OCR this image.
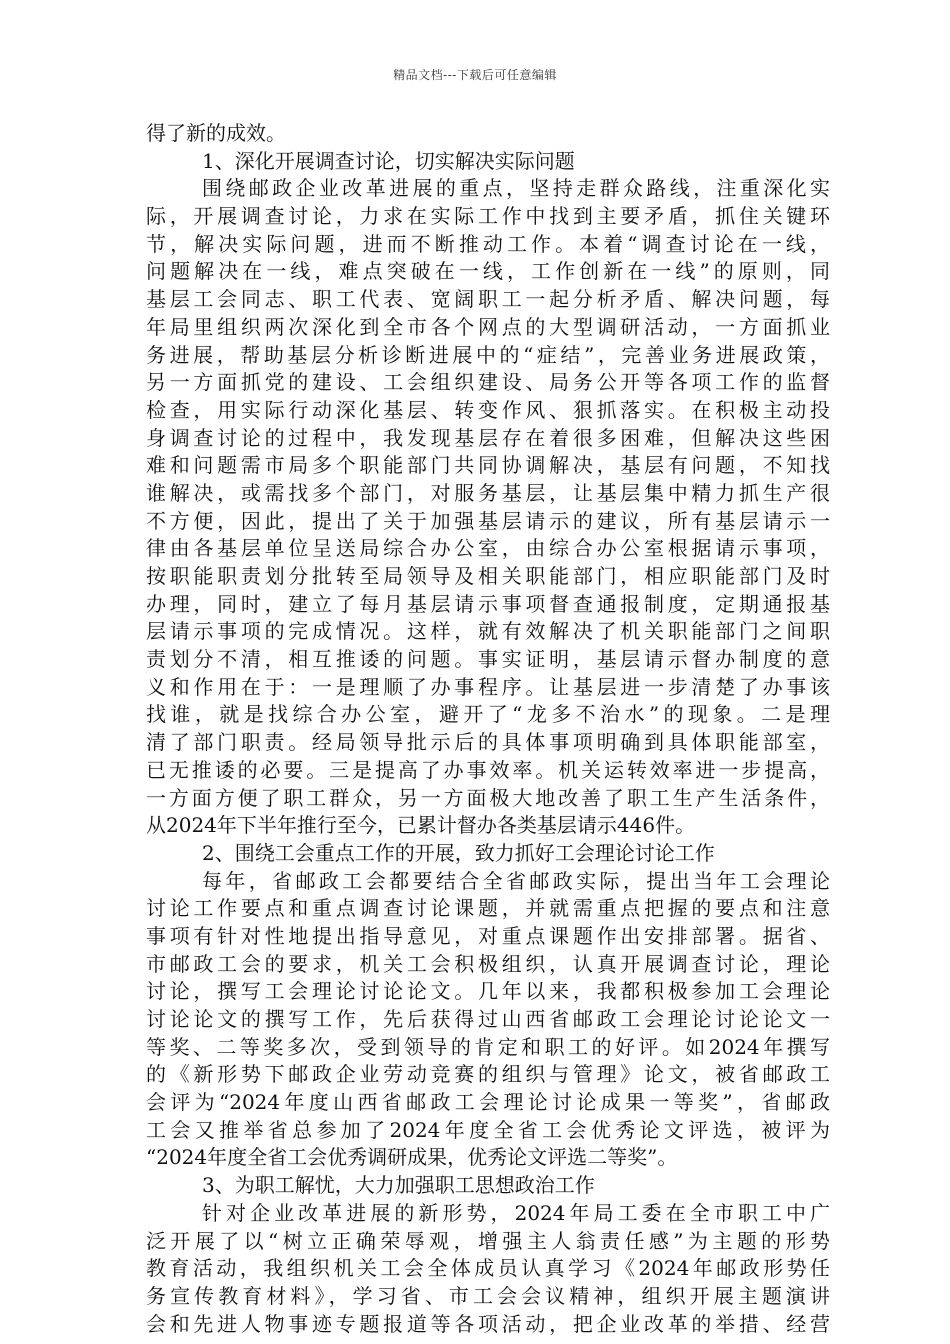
精品文档---下载后可任意编辑
得了新的成效。
1、深化开展调查讨论，切实解决实际问题
围绕邮政企业改革进展的重点，坚持走群众路线，注重深化实
际，开展调查讨论，力求在实际工作中找到主要矛盾，抓住关键环
节，解决实际问题，进而不断推动工作。本着“调查讨论在一线，
问题解决在一线，难点突破在一线，工作创新在一线”的原则，同
基层工会同志、职工代表、宽阔职工一起分析矛盾、解决问题，每
年局里组织两次深化到全市各个网点的大型调研活动，一方面抓业
务进展，帮助基层分析诊断进展中的“症结”，完善业务进展政策，
另一方面抓党的建设、工会组织建设、局务公开等各项工作的监督
检查，用实际行动深化基层、转变作风、狠抓落实。在积极主动投
身调查讨论的过程中，我发现基层存在着很多困难，但解决这些困
难和问题需市局多个职能部门共同协调解决，基层有问题，不知找
谁解决，或需找多个部门，对服务基层，让基层集中精力抓生产很
不方便，因此，提出了关于加强基层请示的建议，所有基层请示一
律由各基层单位呈送局综合办公室，由综合办公室根据请示事项，
按职能职责划分批转至局领导及相关职能部门，相应职能部门及时
办理，同时，建立了每月基层请示事项督查通报制度，定期通报基
层请示事项的完成情况。这样，就有效解决了机关职能部门之间职
责划分不清，相互推诿的问题。事实证明，基层请示督办制度的意
义和作用在于：一是理顺了办事程序。让基层进一步清楚了办事该
找谁，就是找综合办公室，避开了“龙多不治水”的现象。二是理
清了部门职责。经局领导批示后的具体事项明确到具体职能部室，
已无推诿的必要。三是提高了办事效率。机关运转效率进一步提高，
一方面方便了职工群众，另一方面极大地改善了职工生产生活条件，
从2024年下半年推行至今，已累计督办各类基层请示446件。
2、围绕工会重点工作的开展，致力抓好工会理论讨论工作
每年，省邮政工会都要结合全省邮政实际，提出当年工会理论
讨论工作要点和重点调查讨论课题，并就需重点把握的要点和注意
事项有针对性地提出指导意见，对重点课题作出安排部署。据省、
市邮政工会的要求，机关工会积极组织，认真开展调查讨论，理论
讨论，撰写工会理论讨论论文。几年以来，我都积极参加工会理论
讨论论文的撰写工作，先后获得过山西省邮政工会理论讨论论文一
等奖、二等奖多次，受到领导的肯定和职工的好评。如2024年撰写
的《新形势下邮政企业劳动竞赛的组织与管理》论文，被省邮政工
会评为“2024年度山西省邮政工会理论讨论成果一等奖”，省邮政
工会又推举省总参加了2024年度全省工会优秀论文评选，被评为
“2024年度全省工会优秀调研成果，优秀论文评选二等奖”。
3、为职工解忧，大力加强职工思想政治工作
针对企业改革进展的新形势，2024年局工委在全市职工中广
泛开展了以“树立正确荣辱观，增强主人翁责任感”为主题的形势
教育活动，我组织机关工会全体成员认真学习《2024年邮政形势任
务宣传教育材料》，学习省、市工会会议精神，组织开展主题演讲
会和先进人物事迹专题报道等各项活动，把企业改革的举措、经营
